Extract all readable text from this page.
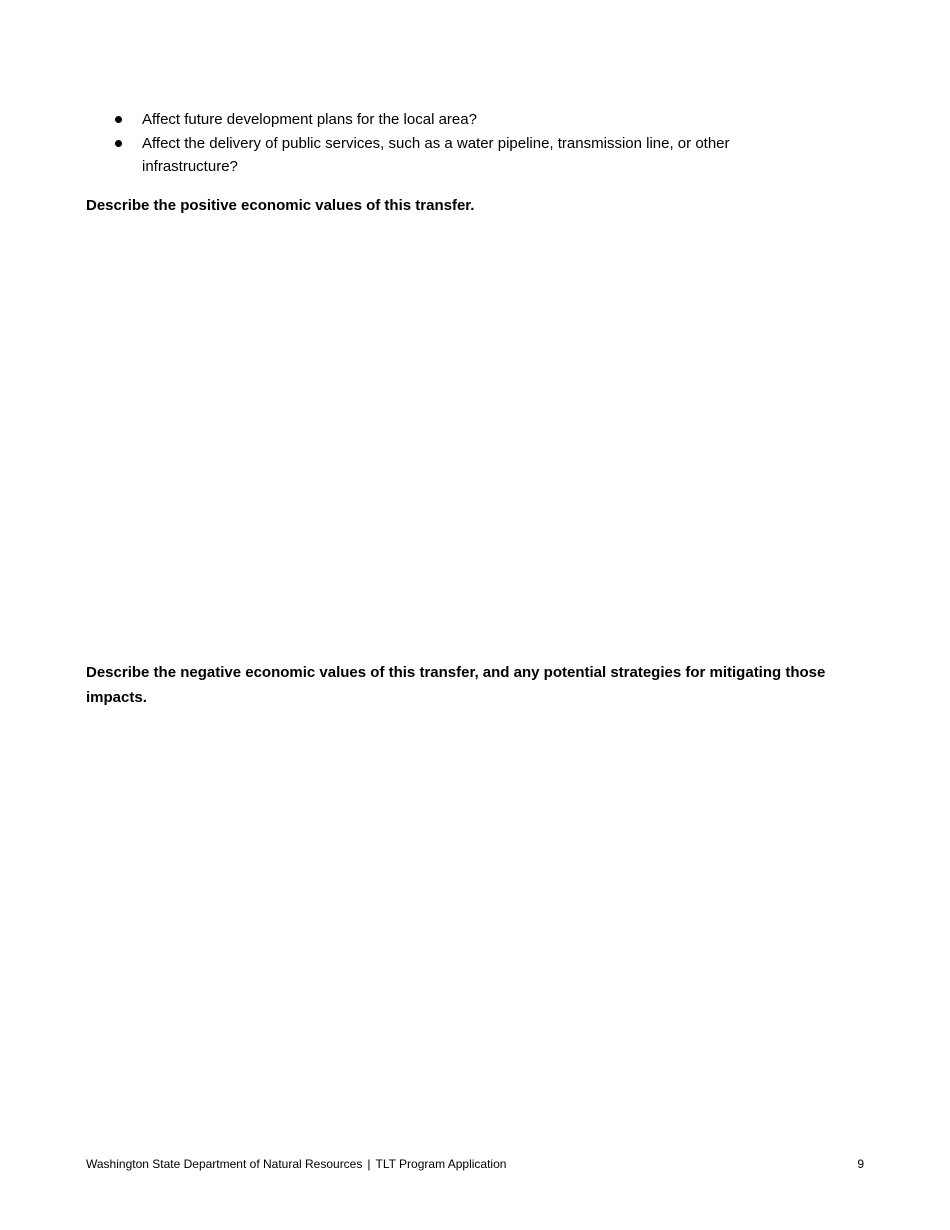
Affect future development plans for the local area?
Affect the delivery of public services, such as a water pipeline, transmission line, or other infrastructure?

Describe the positive economic values of this transfer.

Describe the negative economic values of this transfer, and any potential strategies for mitigating those impacts.

Washington State Department of Natural Resources | TLT Program Application	9
